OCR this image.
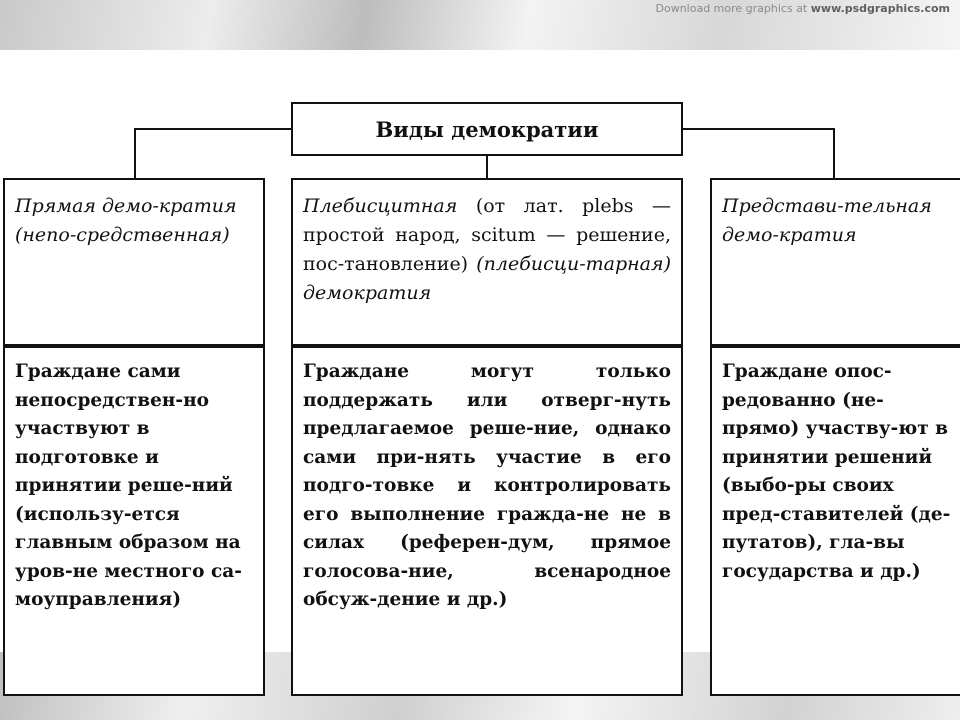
Download more graphics at www.psdgraphics.com
Виды демократии
Прямая демо-кратия (непо-средственная)
Граждане сами непосредствен-но участвуют в подготовке и принятии реше-ний (использу-ется главным образом на уров-не местного са-моуправления)
Плебисцитная (от лат. plebs — простой народ, scitum — решение, пос-тановление) (плебисци-тарная) демократия
Граждане могут только поддержать или отверг-нуть предлагаемое реше-ние, однако сами при-нять участие в его подго-товке и контролировать его выполнение гражда-не не в силах (референ-дум, прямое голосова-ние, всенародное обсуж-дение и др.)
Представи-тельная демо-кратия
Граждане опос-редованно (не-прямо) участву-ют в принятии решений (выбо-ры своих пред-ставителей (де-путатов), гла-вы государства и др.)
